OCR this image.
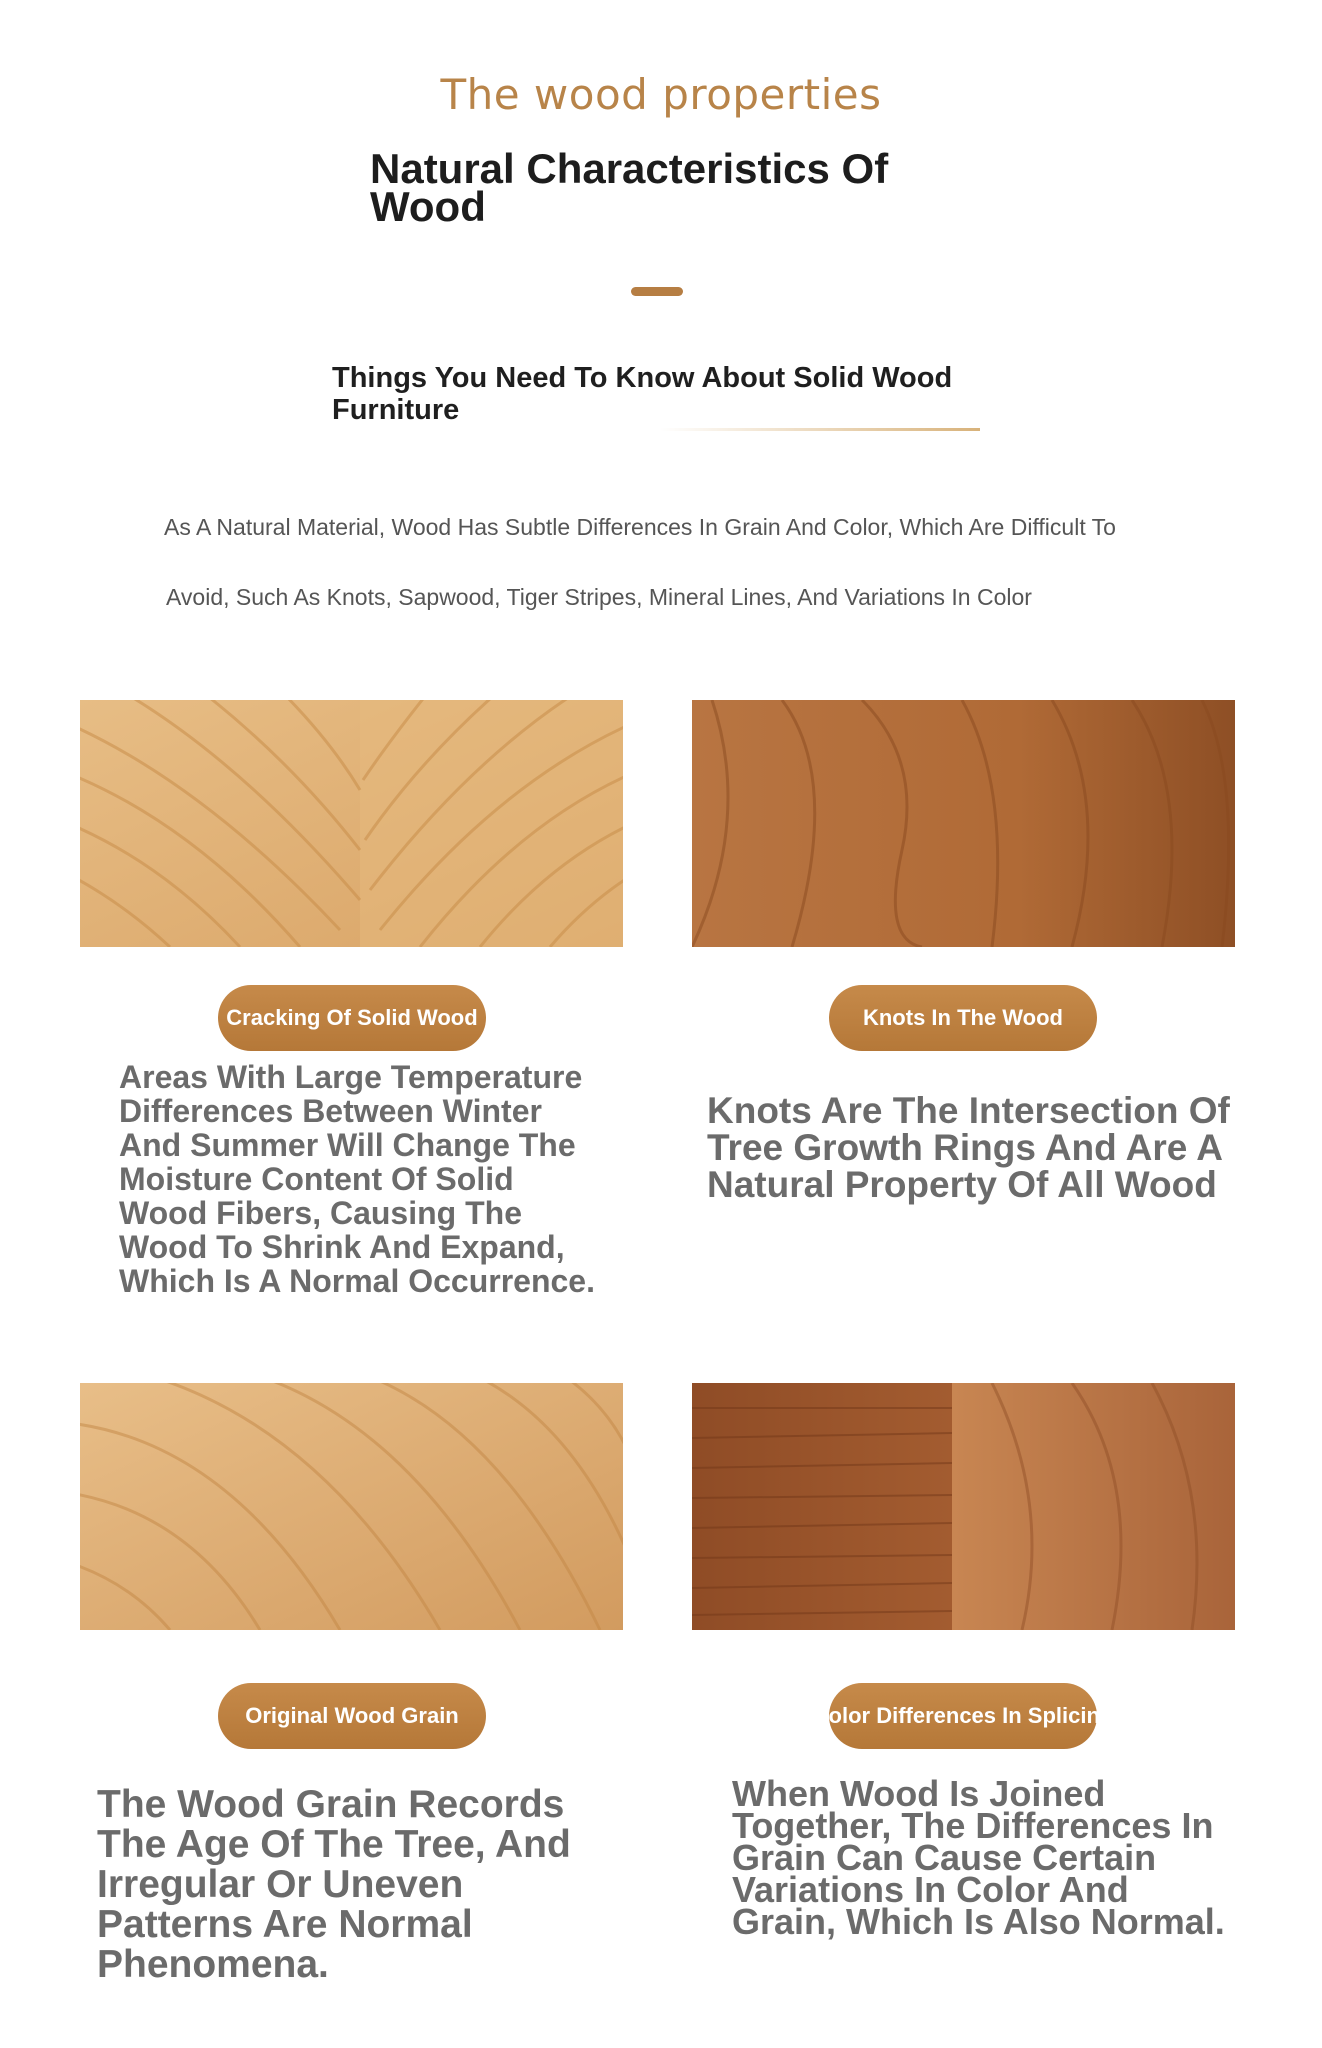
The wood properties
Natural Characteristics Of Wood
Things You Need To Know About Solid Wood Furniture
As A Natural Material, Wood Has Subtle Differences In Grain And Color, Which Are Difficult To
Avoid, Such As Knots, Sapwood, Tiger Stripes, Mineral Lines, And Variations In Color
Cracking Of Solid Wood
Areas With Large Temperature Differences Between Winter And Summer Will Change The Moisture Content Of Solid Wood Fibers, Causing The Wood To Shrink And Expand, Which Is A Normal Occurrence.
Knots In The Wood
Knots Are The Intersection Of Tree Growth Rings And Are A Natural Property Of All Wood
Original Wood Grain
The Wood Grain Records The Age Of The Tree, And Irregular Or Uneven Patterns Are Normal Phenomena.
Color Differences In Splicing
When Wood Is Joined Together, The Differences In Grain Can Cause Certain Variations In Color And Grain, Which Is Also Normal.
